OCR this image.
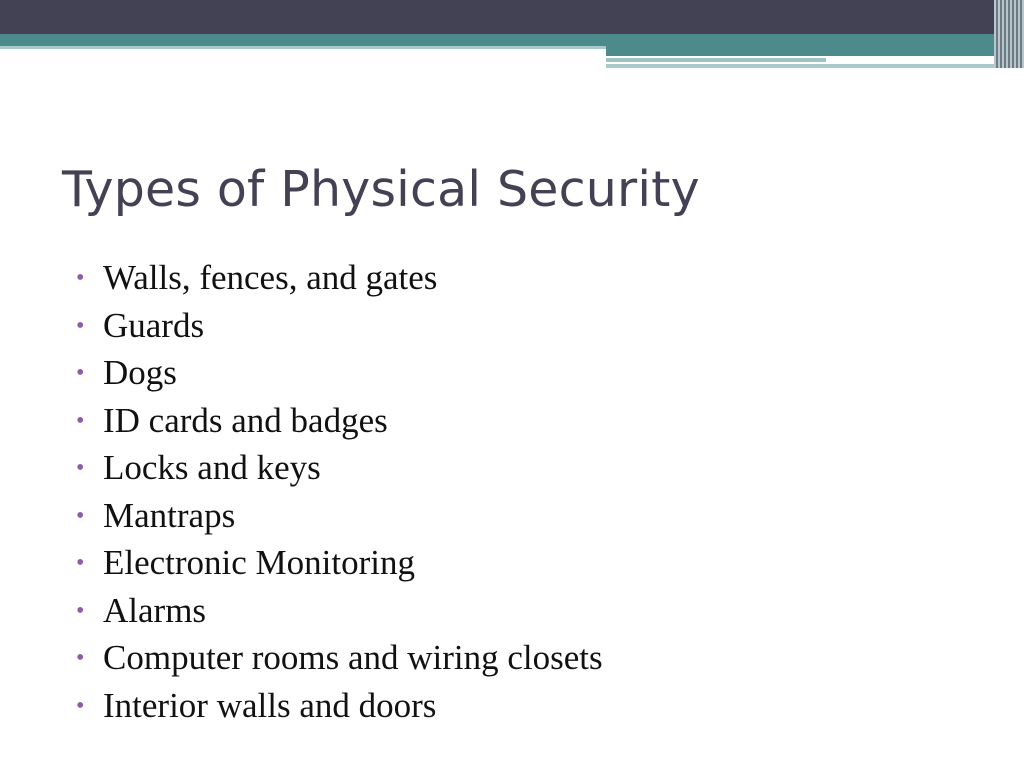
Types of Physical Security
• Walls, fences, and gates
• Guards
• Dogs
• ID cards and badges
• Locks and keys
• Mantraps
• Electronic Monitoring
• Alarms
• Computer rooms and wiring closets
• Interior walls and doors
